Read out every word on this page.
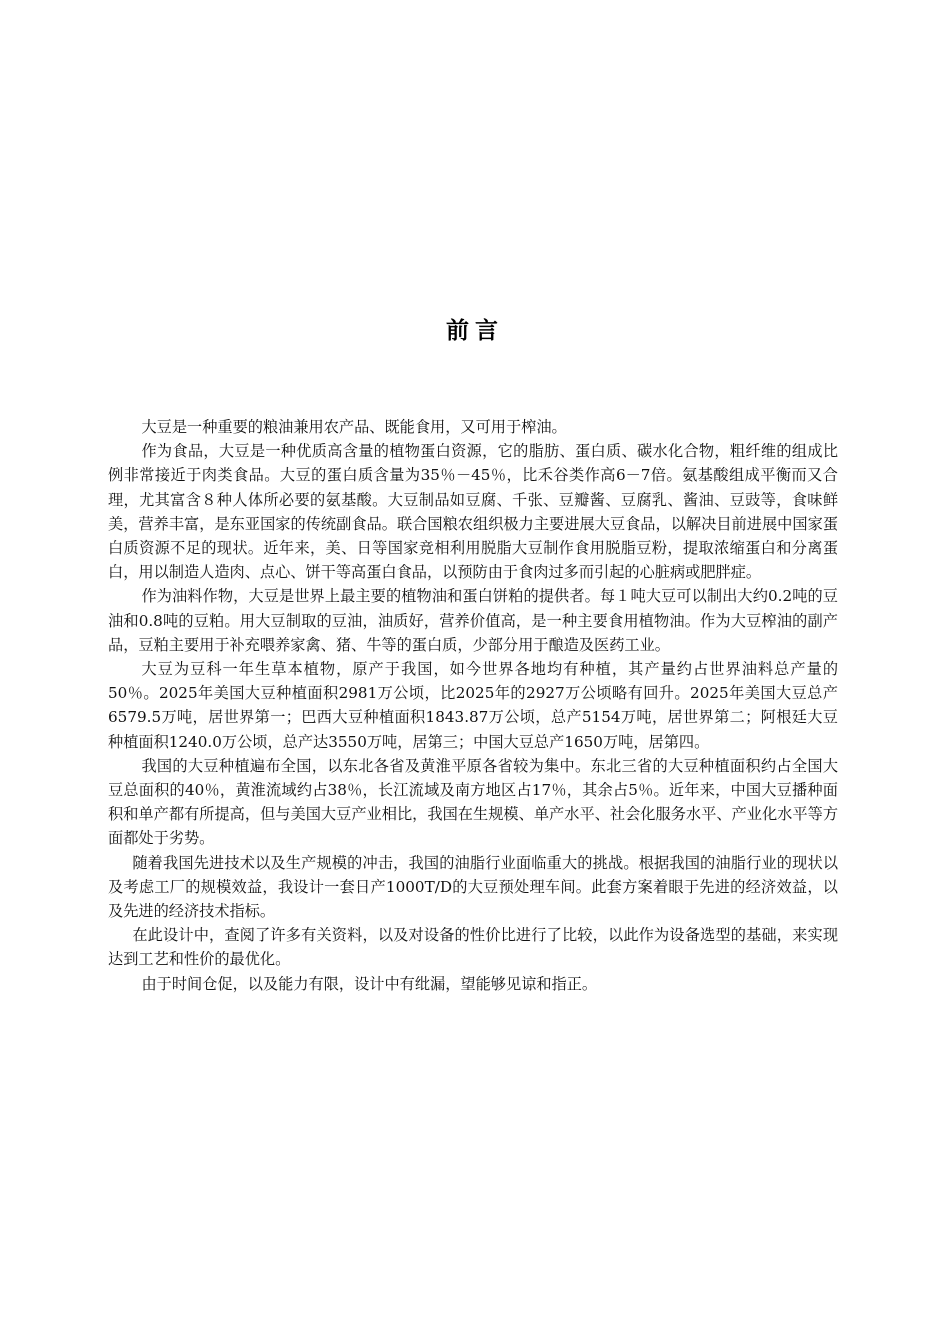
前言

大豆是一种重要的粮油兼用农产品、既能食用，又可用于榨油。

作为食品，大豆是一种优质高含量的植物蛋白资源，它的脂肪、蛋白质、碳水化合物，粗纤维的组成比例非常接近于肉类食品。大豆的蛋白质含量为35％－45％，比禾谷类作高6－7倍。氨基酸组成平衡而又合理，尤其富含８种人体所必要的氨基酸。大豆制品如豆腐、千张、豆瓣酱、豆腐乳、酱油、豆豉等，食味鲜美，营养丰富，是东亚国家的传统副食品。联合国粮农组织极力主要进展大豆食品，以解决目前进展中国家蛋白质资源不足的现状。近年来，美、日等国家竞相利用脱脂大豆制作食用脱脂豆粉，提取浓缩蛋白和分离蛋白，用以制造人造肉、点心、饼干等高蛋白食品，以预防由于食肉过多而引起的心脏病或肥胖症。

作为油料作物，大豆是世界上最主要的植物油和蛋白饼粕的提供者。每１吨大豆可以制出大约0.2吨的豆油和0.8吨的豆粕。用大豆制取的豆油，油质好，营养价值高，是一种主要食用植物油。作为大豆榨油的副产品，豆粕主要用于补充喂养家禽、猪、牛等的蛋白质，少部分用于酿造及医药工业。

大豆为豆科一年生草本植物，原产于我国，如今世界各地均有种植，其产量约占世界油料总产量的50％。2025年美国大豆种植面积2981万公顷，比2025年的2927万公顷略有回升。2025年美国大豆总产6579.5万吨，居世界第一；巴西大豆种植面积1843.87万公顷，总产5154万吨，居世界第二；阿根廷大豆种植面积1240.0万公顷，总产达3550万吨，居第三；中国大豆总产1650万吨，居第四。

我国的大豆种植遍布全国，以东北各省及黄淮平原各省较为集中。东北三省的大豆种植面积约占全国大豆总面积的40％，黄淮流域约占38％，长江流域及南方地区占17％，其余占5％。近年来，中国大豆播种面积和单产都有所提高，但与美国大豆产业相比，我国在生规模、单产水平、社会化服务水平、产业化水平等方面都处于劣势。

随着我国先进技术以及生产规模的冲击，我国的油脂行业面临重大的挑战。根据我国的油脂行业的现状以及考虑工厂的规模效益，我设计一套日产1000T/D的大豆预处理车间。此套方案着眼于先进的经济效益，以及先进的经济技术指标。

在此设计中，查阅了许多有关资料，以及对设备的性价比进行了比较，以此作为设备选型的基础，来实现达到工艺和性价的最优化。

由于时间仓促，以及能力有限，设计中有纰漏，望能够见谅和指正。
